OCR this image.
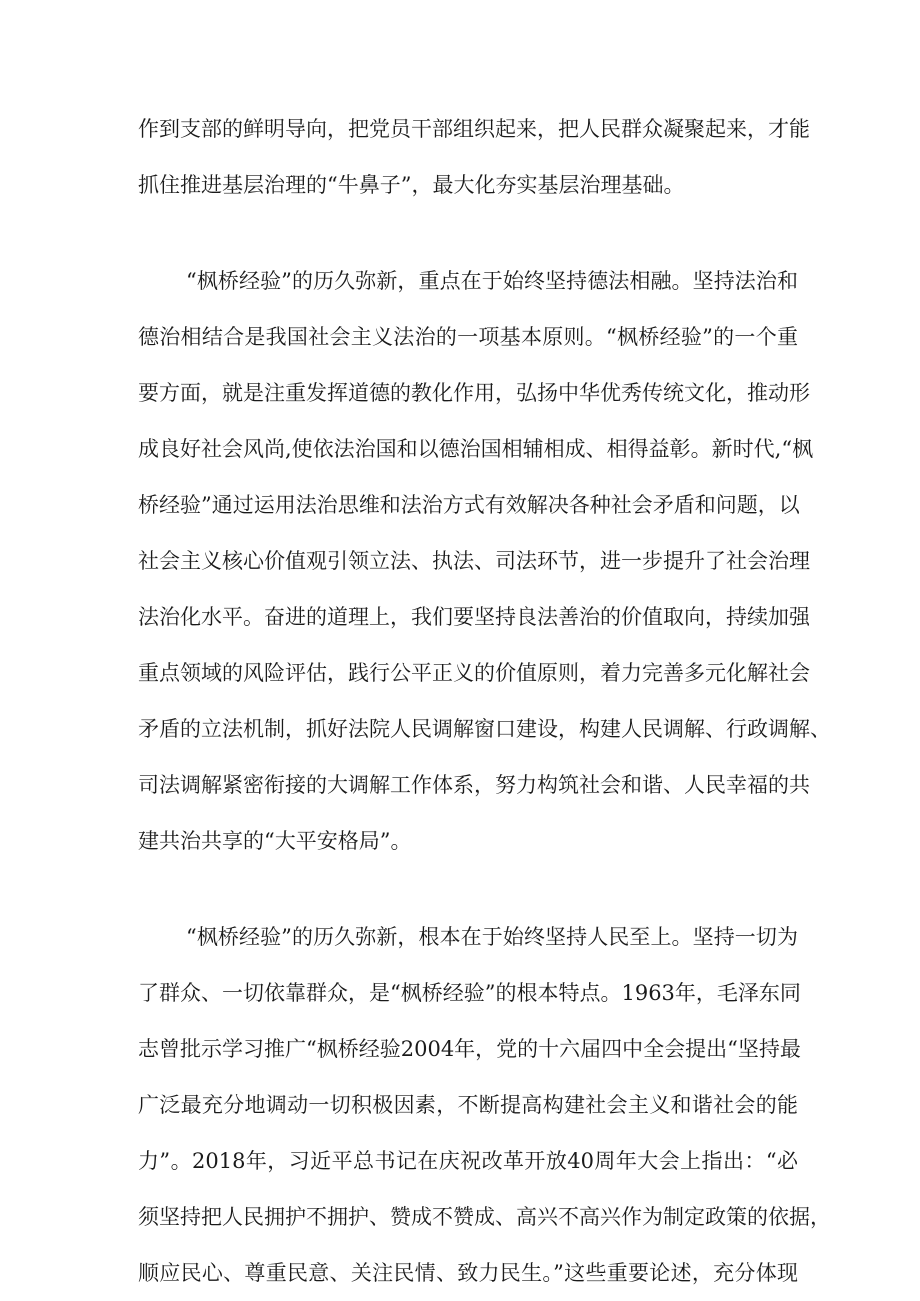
作到支部的鲜明导向，把党员干部组织起来，把人民群众凝聚起来，才能
抓住推进基层治理的“牛鼻子”，最大化夯实基层治理基础。
“枫桥经验”的历久弥新，重点在于始终坚持德法相融。坚持法治和
德治相结合是我国社会主义法治的一项基本原则。“枫桥经验”的一个重
要方面，就是注重发挥道德的教化作用，弘扬中华优秀传统文化，推动形
成良好社会风尚,使依法治国和以德治国相辅相成、相得益彰。新时代,“枫
桥经验”通过运用法治思维和法治方式有效解决各种社会矛盾和问题，以
社会主义核心价值观引领立法、执法、司法环节，进一步提升了社会治理
法治化水平。奋进的道理上，我们要坚持良法善治的价值取向，持续加强
重点领域的风险评估，践行公平正义的价值原则，着力完善多元化解社会
矛盾的立法机制，抓好法院人民调解窗口建设，构建人民调解、行政调解、
司法调解紧密衔接的大调解工作体系，努力构筑社会和谐、人民幸福的共
建共治共享的“大平安格局”。
“枫桥经验”的历久弥新，根本在于始终坚持人民至上。坚持一切为
了群众、一切依靠群众，是“枫桥经验”的根本特点。1963年，毛泽东同
志曾批示学习推广“枫桥经验2004年，党的十六届四中全会提出“坚持最
广泛最充分地调动一切积极因素，不断提高构建社会主义和谐社会的能
力”。2018年，习近平总书记在庆祝改革开放40周年大会上指出：“必
须坚持把人民拥护不拥护、赞成不赞成、高兴不高兴作为制定政策的依据，
顺应民心、尊重民意、关注民情、致力民生。”这些重要论述，充分体现
